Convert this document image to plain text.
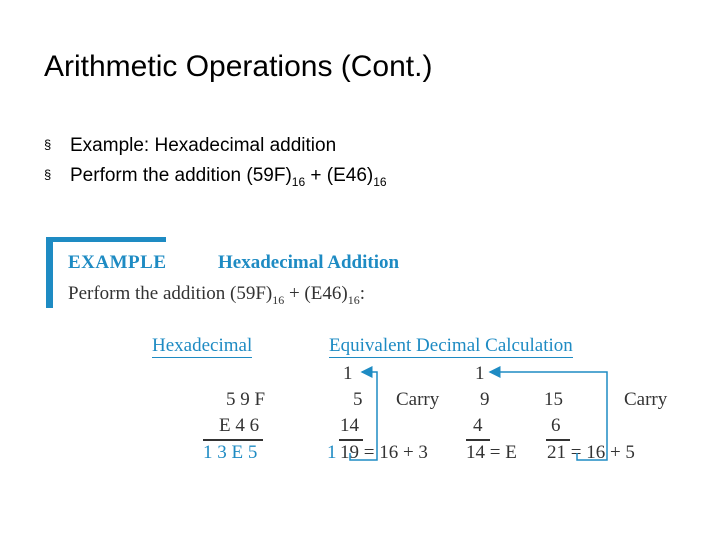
Arithmetic Operations (Cont.)
§ Example: Hexadecimal addition
§ Perform the addition $(59F)_{16} + (E46)_{16}$
EXAMPLE	Hexadecimal Addition
Perform the addition $(59F)_{16} + (E46)_{16}$:
Hexadecimal	Equivalent Decimal Calculation
5 9 F
E 4 6
1 3 E 5
1
5
14
1 19 = 16 + 3
Carry
1
9
4
14 = E
15
6
21 = 16 + 5
Carry
